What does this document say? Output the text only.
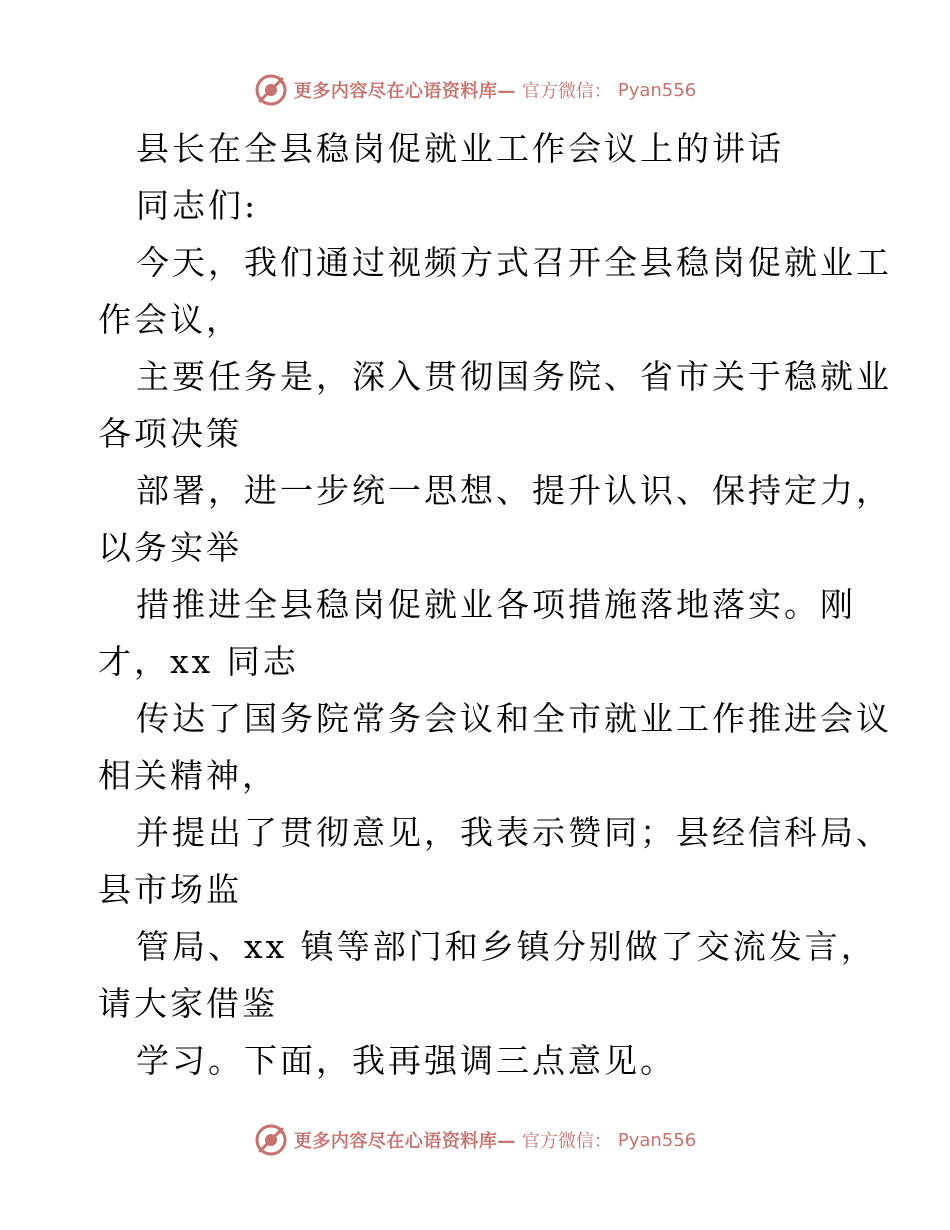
更多内容尽在心语资料库— 官方微信： Pyan556
县长在全县稳岗促就业工作会议上的讲话
同志们:
今天，我们通过视频方式召开全县稳岗促就业工
作会议，
主要任务是，深入贯彻国务院、省市关于稳就业
各项决策
部署，进一步统一思想、提升认识、保持定力，
以务实举
措推进全县稳岗促就业各项措施落地落实。刚
才，xx 同志
传达了国务院常务会议和全市就业工作推进会议
相关精神，
并提出了贯彻意见，我表示赞同；县经信科局、
县市场监
管局、xx 镇等部门和乡镇分别做了交流发言，
请大家借鉴
学习。下面，我再强调三点意见。
更多内容尽在心语资料库— 官方微信： Pyan556
